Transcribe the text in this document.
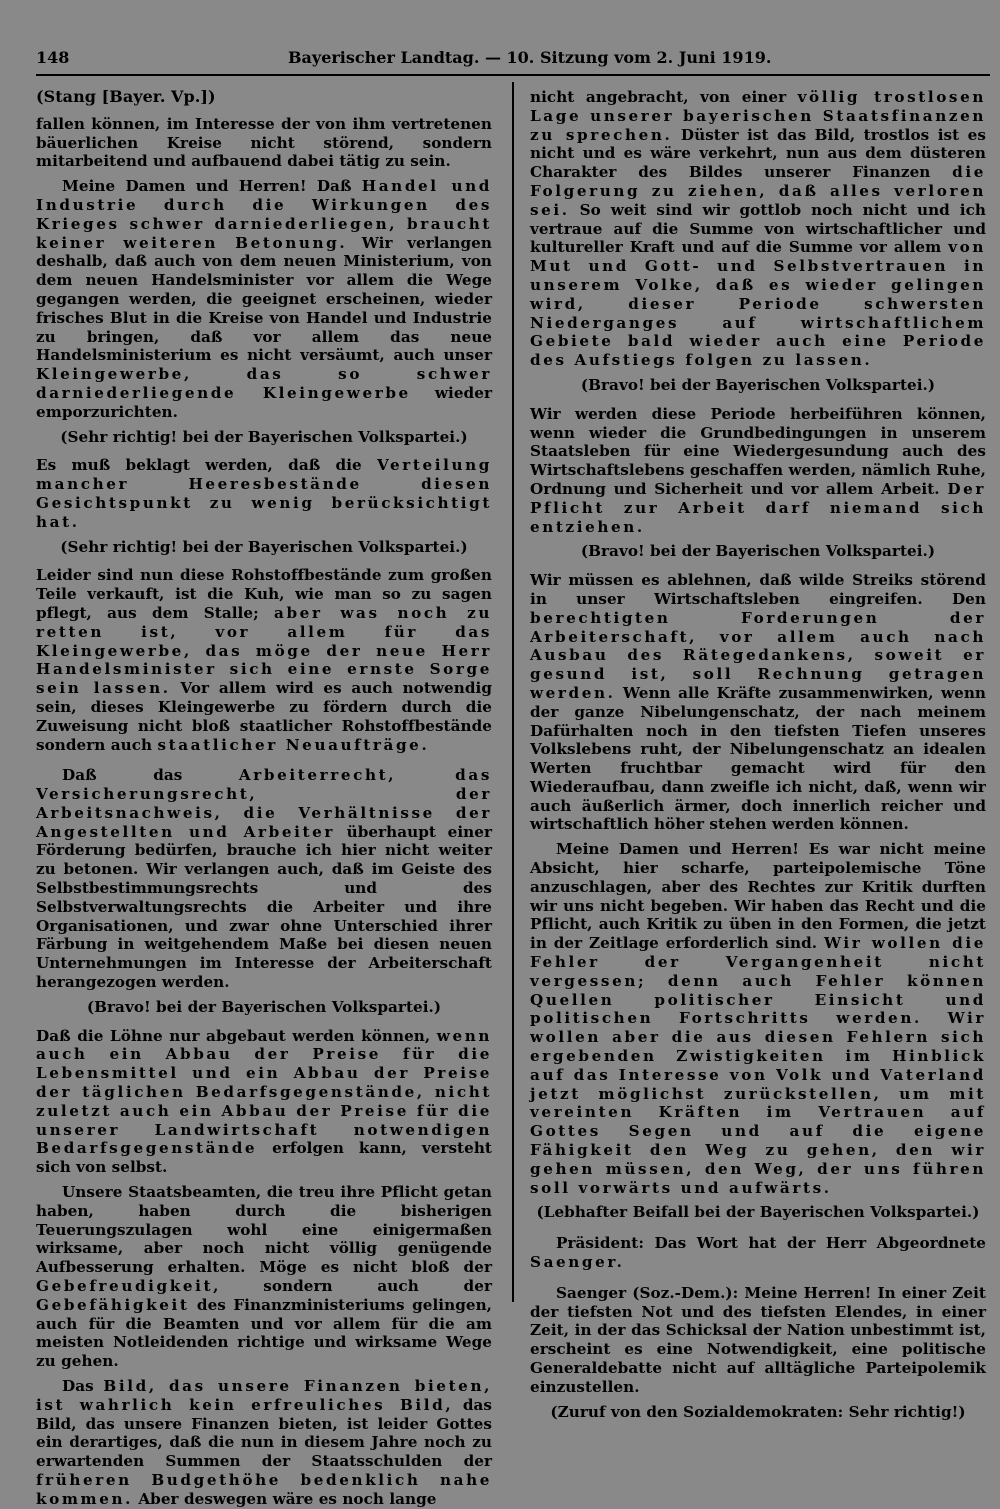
148	Bayerischer Landtag. — 10. Sitzung vom 2. Juni 1919.

(Stang [Bayer. Vp.])

fallen können, im Interesse der von ihm vertretenen bäuerlichen Kreise nicht störend, sondern mitarbeitend und aufbauend dabei tätig zu sein.

Meine Damen und Herren! Daß Handel und Industrie durch die Wirkungen des Krieges schwer darniederliegen, braucht keiner weiteren Betonung. Wir verlangen deshalb, daß auch von dem neuen Ministerium, von dem neuen Handelsminister vor allem die Wege gegangen werden, die geeignet erscheinen, wieder frisches Blut in die Kreise von Handel und Industrie zu bringen, daß vor allem das neue Handelsministerium es nicht versäumt, auch unser Kleingewerbe, das so schwer darniederliegende Kleingewerbe wieder emporzurichten.

(Sehr richtig! bei der Bayerischen Volkspartei.)

Es muß beklagt werden, daß die Verteilung mancher Heeresbestände diesen Gesichtspunkt zu wenig berücksichtigt hat.

(Sehr richtig! bei der Bayerischen Volkspartei.)

Leider sind nun diese Rohstoffbestände zum großen Teile verkauft, ist die Kuh, wie man so zu sagen pflegt, aus dem Stalle; aber was noch zu retten ist, vor allem für das Kleingewerbe, das möge der neue Herr Handelsminister sich eine ernste Sorge sein lassen. Vor allem wird es auch notwendig sein, dieses Kleingewerbe zu fördern durch die Zuweisung nicht bloß staatlicher Rohstoffbestände sondern auch staatlicher Neuaufträge.

Daß das Arbeiterrecht, das Versicherungsrecht, der Arbeitsnachweis, die Verhältnisse der Angestellten und Arbeiter überhaupt einer Förderung bedürfen, brauche ich hier nicht weiter zu betonen. Wir verlangen auch, daß im Geiste des Selbstbestimmungsrechts und des Selbstverwaltungsrechts die Arbeiter und ihre Organisationen, und zwar ohne Unterschied ihrer Färbung in weitgehendem Maße bei diesen neuen Unternehmungen im Interesse der Arbeiterschaft herangezogen werden.

(Bravo! bei der Bayerischen Volkspartei.)

Daß die Löhne nur abgebaut werden können, wenn auch ein Abbau der Preise für die Lebensmittel und ein Abbau der Preise der täglichen Bedarfsgegenstände, nicht zuletzt auch ein Abbau der Preise für die unserer Landwirtschaft notwendigen Bedarfsgegenstände erfolgen kann, versteht sich von selbst.

Unsere Staatsbeamten, die treu ihre Pflicht getan haben, haben durch die bisherigen Teuerungszulagen wohl eine einigermaßen wirksame, aber noch nicht völlig genügende Aufbesserung erhalten. Möge es nicht bloß der Gebefreudigkeit, sondern auch der Gebefähigkeit des Finanzministeriums gelingen, auch für die Beamten und vor allem für die am meisten Notleidenden richtige und wirksame Wege zu gehen.

Das Bild, das unsere Finanzen bieten, ist wahrlich kein erfreuliches Bild, das Bild, das unsere Finanzen bieten, ist leider Gottes ein derartiges, daß die nun in diesem Jahre noch zu erwartenden Summen der Staatsschulden der früheren Budgethöhe bedenklich nahe kommen. Aber deswegen wäre es noch lange

nicht angebracht, von einer völlig trostlosen Lage unserer bayerischen Staatsfinanzen zu sprechen. Düster ist das Bild, trostlos ist es nicht und es wäre verkehrt, nun aus dem düsteren Charakter des Bildes unserer Finanzen die Folgerung zu ziehen, daß alles verloren sei. So weit sind wir gottlob noch nicht und ich vertraue auf die Summe von wirtschaftlicher und kultureller Kraft und auf die Summe vor allem von Mut und Gott- und Selbstvertrauen in unserem Volke, daß es wieder gelingen wird, dieser Periode schwersten Niederganges auf wirtschaftlichem Gebiete bald wieder auch eine Periode des Aufstiegs folgen zu lassen.

(Bravo! bei der Bayerischen Volkspartei.)

Wir werden diese Periode herbeiführen können, wenn wieder die Grundbedingungen in unserem Staatsleben für eine Wiedergesundung auch des Wirtschaftslebens geschaffen werden, nämlich Ruhe, Ordnung und Sicherheit und vor allem Arbeit. Der Pflicht zur Arbeit darf niemand sich entziehen.

(Bravo! bei der Bayerischen Volkspartei.)

Wir müssen es ablehnen, daß wilde Streiks störend in unser Wirtschaftsleben eingreifen. Den berechtigten Forderungen der Arbeiterschaft, vor allem auch nach Ausbau des Rätegedankens, soweit er gesund ist, soll Rechnung getragen werden. Wenn alle Kräfte zusammenwirken, wenn der ganze Nibelungenschatz, der nach meinem Dafürhalten noch in den tiefsten Tiefen unseres Volkslebens ruht, der Nibelungenschatz an idealen Werten fruchtbar gemacht wird für den Wiederaufbau, dann zweifle ich nicht, daß, wenn wir auch äußerlich ärmer, doch innerlich reicher und wirtschaftlich höher stehen werden können.

Meine Damen und Herren! Es war nicht meine Absicht, hier scharfe, parteipolemische Töne anzuschlagen, aber des Rechtes zur Kritik durften wir uns nicht begeben. Wir haben das Recht und die Pflicht, auch Kritik zu üben in den Formen, die jetzt in der Zeitlage erforderlich sind. Wir wollen die Fehler der Vergangenheit nicht vergessen; denn auch Fehler können Quellen politischer Einsicht und politischen Fortschritts werden. Wir wollen aber die aus diesen Fehlern sich ergebenden Zwistigkeiten im Hinblick auf das Interesse von Volk und Vaterland jetzt möglichst zurückstellen, um mit vereinten Kräften im Vertrauen auf Gottes Segen und auf die eigene Fähigkeit den Weg zu gehen, den wir gehen müssen, den Weg, der uns führen soll vorwärts und aufwärts.

(Lebhafter Beifall bei der Bayerischen Volkspartei.)

Präsident: Das Wort hat der Herr Abgeordnete Saenger.

Saenger (Soz.-Dem.): Meine Herren! In einer Zeit der tiefsten Not und des tiefsten Elendes, in einer Zeit, in der das Schicksal der Nation unbestimmt ist, erscheint es eine Notwendigkeit, eine politische Generaldebatte nicht auf alltägliche Parteipolemik einzustellen.

(Zuruf von den Sozialdemokraten: Sehr richtig!)
